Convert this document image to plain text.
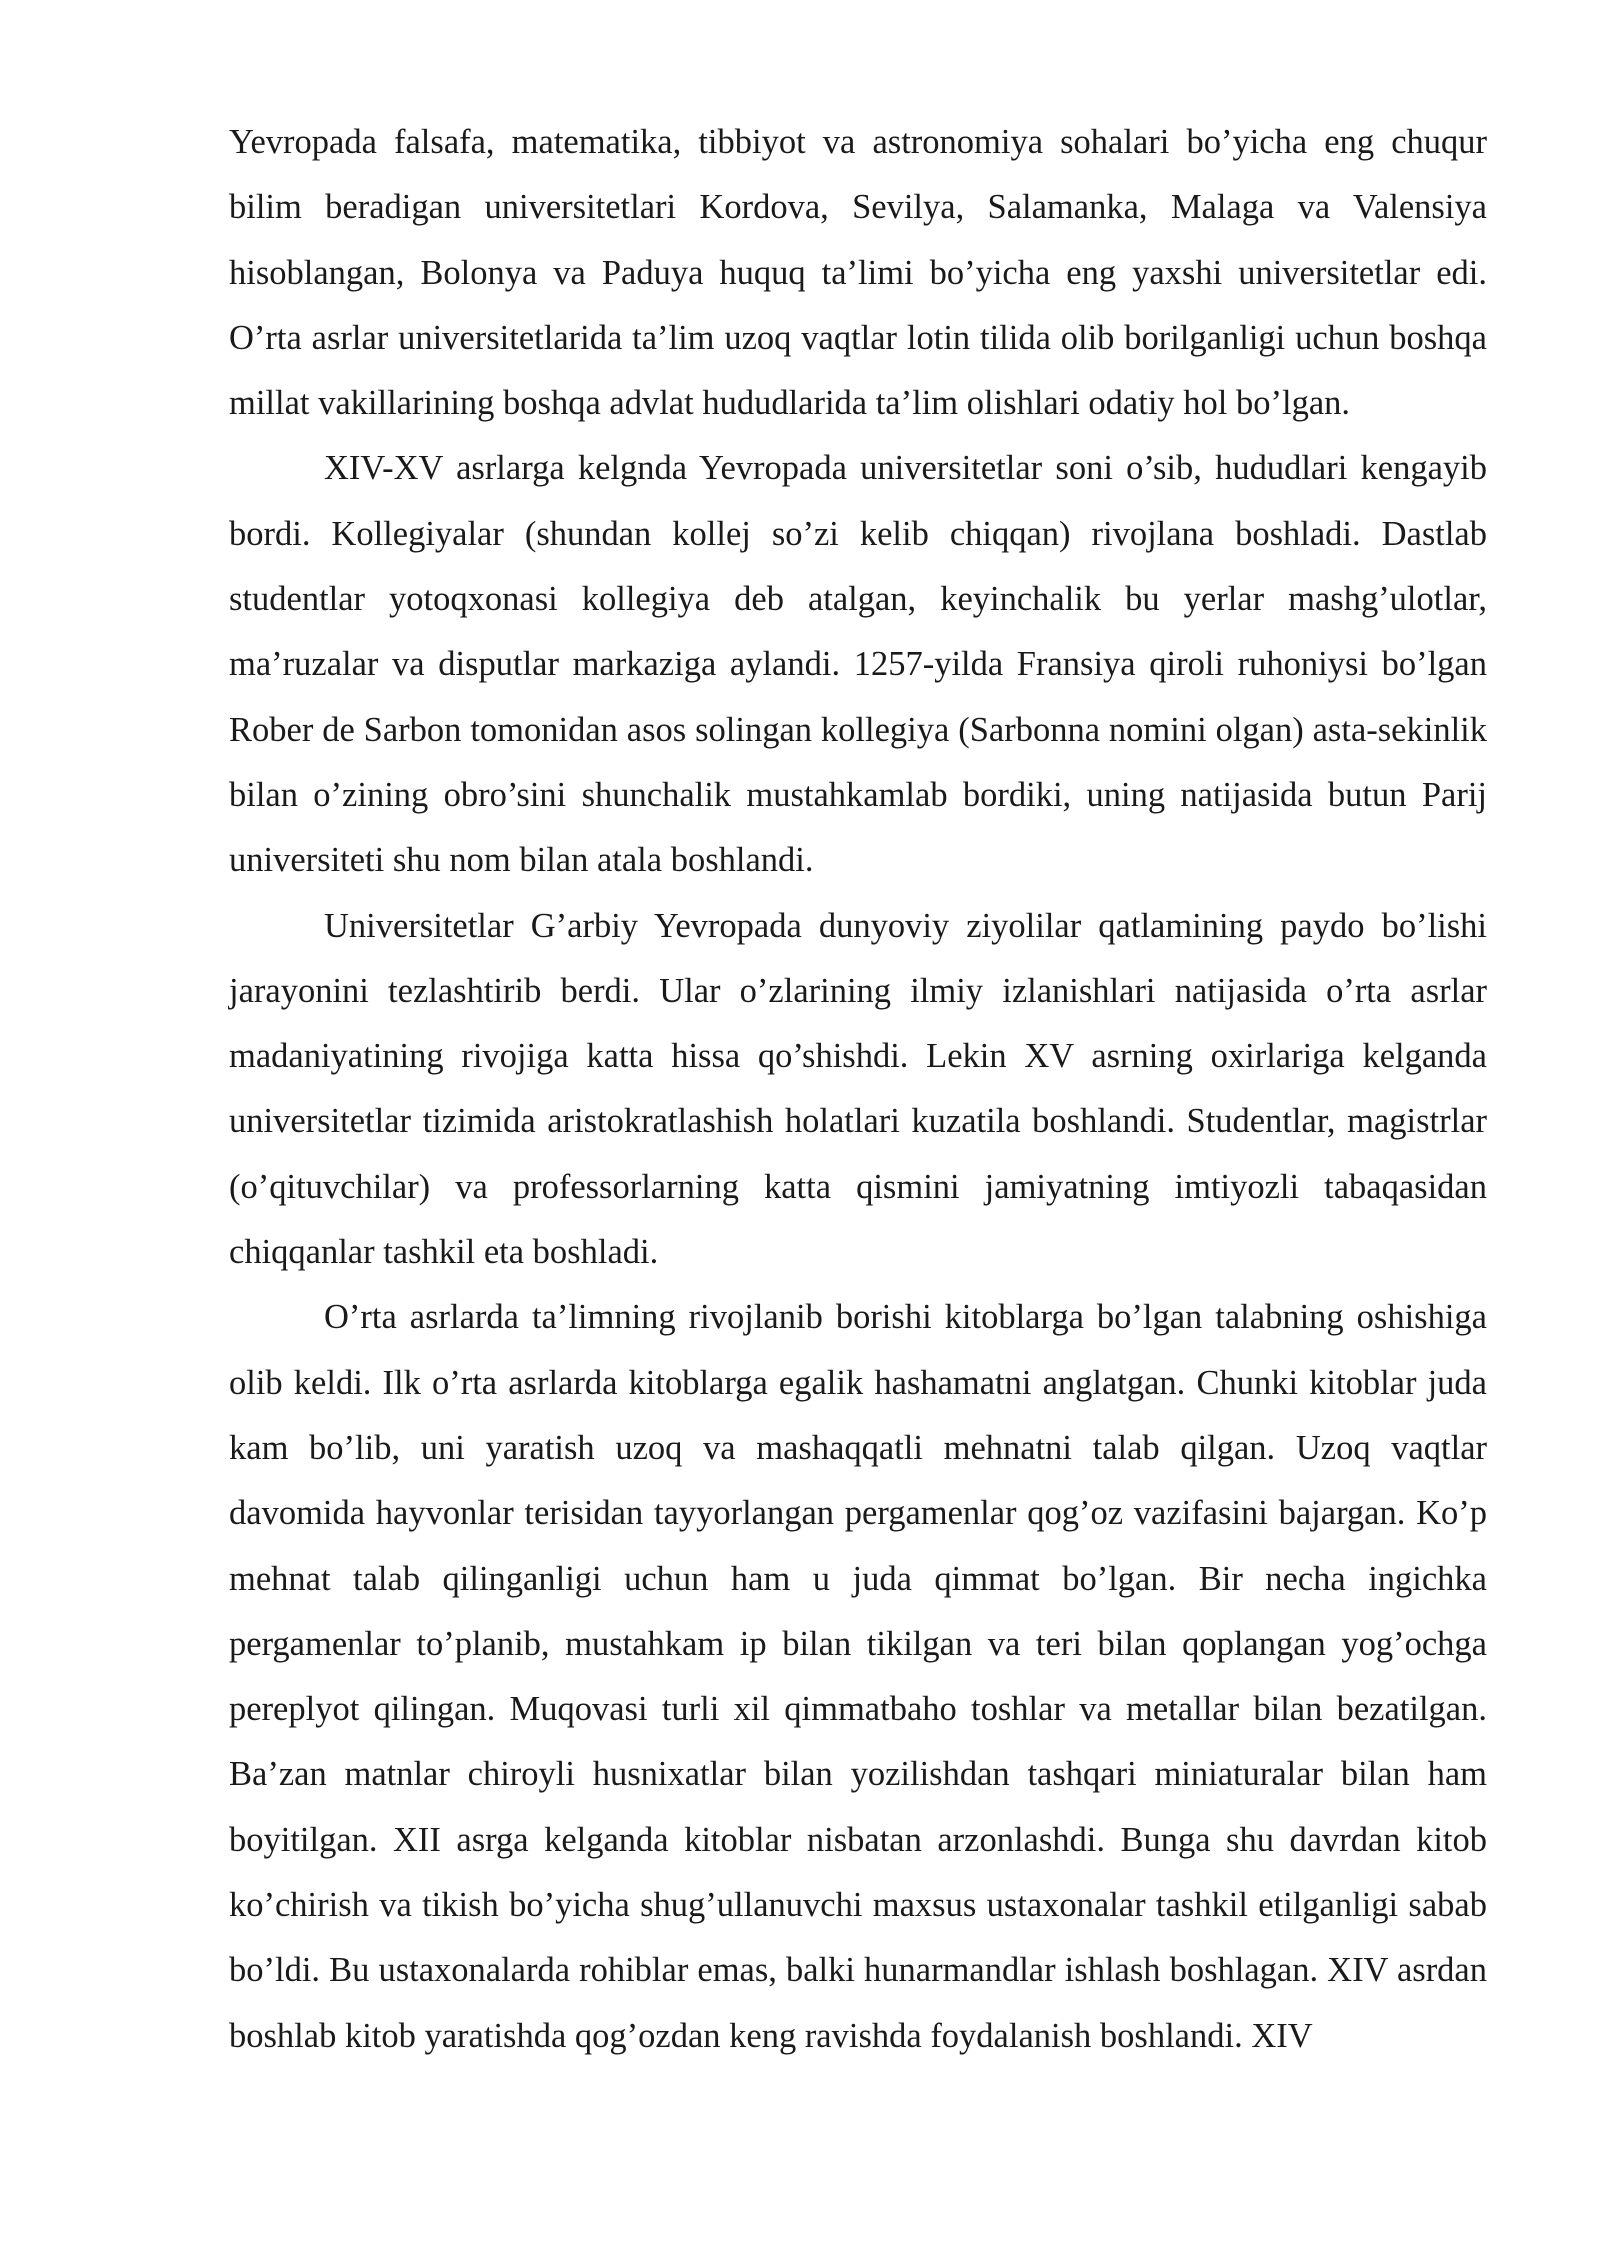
Yevropada falsafa, matematika, tibbiyot va astronomiya sohalari bo’yicha eng chuqur bilim beradigan universitetlari Kordova, Sevilya, Salamanka, Malaga va Valensiya hisoblangan, Bolonya va Paduya huquq ta’limi bo’yicha eng yaxshi universitetlar edi. O’rta asrlar universitetlarida ta’lim uzoq vaqtlar lotin tilida olib borilganligi uchun boshqa millat vakillarining boshqa advlat hududlarida ta’lim olishlari odatiy hol bo’lgan.

XIV-XV asrlarga kelgnda Yevropada universitetlar soni o’sib, hududlari kengayib bordi. Kollegiyalar (shundan kollej so’zi kelib chiqqan) rivojlana boshladi. Dastlab studentlar yotoqxonasi kollegiya deb atalgan, keyinchalik bu yerlar mashg’ulotlar, ma’ruzalar va disputlar markaziga aylandi. 1257-yilda Fransiya qiroli ruhoniysi bo’lgan Rober de Sarbon tomonidan asos solingan kollegiya (Sarbonna nomini olgan) asta-sekinlik bilan o’zining obro’sini shunchalik mustahkamlab bordiki, uning natijasida butun Parij universiteti shu nom bilan atala boshlandi.

Universitetlar G’arbiy Yevropada dunyoviy ziyolilar qatlamining paydo bo’lishi jarayonini tezlashtirib berdi. Ular o’zlarining ilmiy izlanishlari natijasida o’rta asrlar madaniyatining rivojiga katta hissa qo’shishdi. Lekin XV asrning oxirlariga kelganda universitetlar tizimida aristokratlashish holatlari kuzatila boshlandi. Studentlar, magistrlar (o’qituvchilar) va professorlarning katta qismini jamiyatning imtiyozli tabaqasidan chiqqanlar tashkil eta boshladi.

O’rta asrlarda ta’limning rivojlanib borishi kitoblarga bo’lgan talabning oshishiga olib keldi. Ilk o’rta asrlarda kitoblarga egalik hashamatni anglatgan. Chunki kitoblar juda kam bo’lib, uni yaratish uzoq va mashaqqatli mehnatni talab qilgan. Uzoq vaqtlar davomida hayvonlar terisidan tayyorlangan pergamenlar qog’oz vazifasini bajargan. Ko’p mehnat talab qilinganligi uchun ham u juda qimmat bo’lgan. Bir necha ingichka pergamenlar to’planib, mustahkam ip bilan tikilgan va teri bilan qoplangan yog’ochga pereplyot qilingan. Muqovasi turli xil qimmatbaho toshlar va metallar bilan bezatilgan. Ba’zan matnlar chiroyli husnixatlar bilan yozilishdan tashqari miniaturalar bilan ham boyitilgan. XII asrga kelganda kitoblar nisbatan arzonlashdi. Bunga shu davrdan kitob ko’chirish va tikish bo’yicha shug’ullanuvchi maxsus ustaxonalar tashkil etilganligi sabab bo’ldi. Bu ustaxonalarda rohiblar emas, balki hunarmandlar ishlash boshlagan. XIV asrdan boshlab kitob yaratishda qog’ozdan keng ravishda foydalanish boshlandi. XIV
